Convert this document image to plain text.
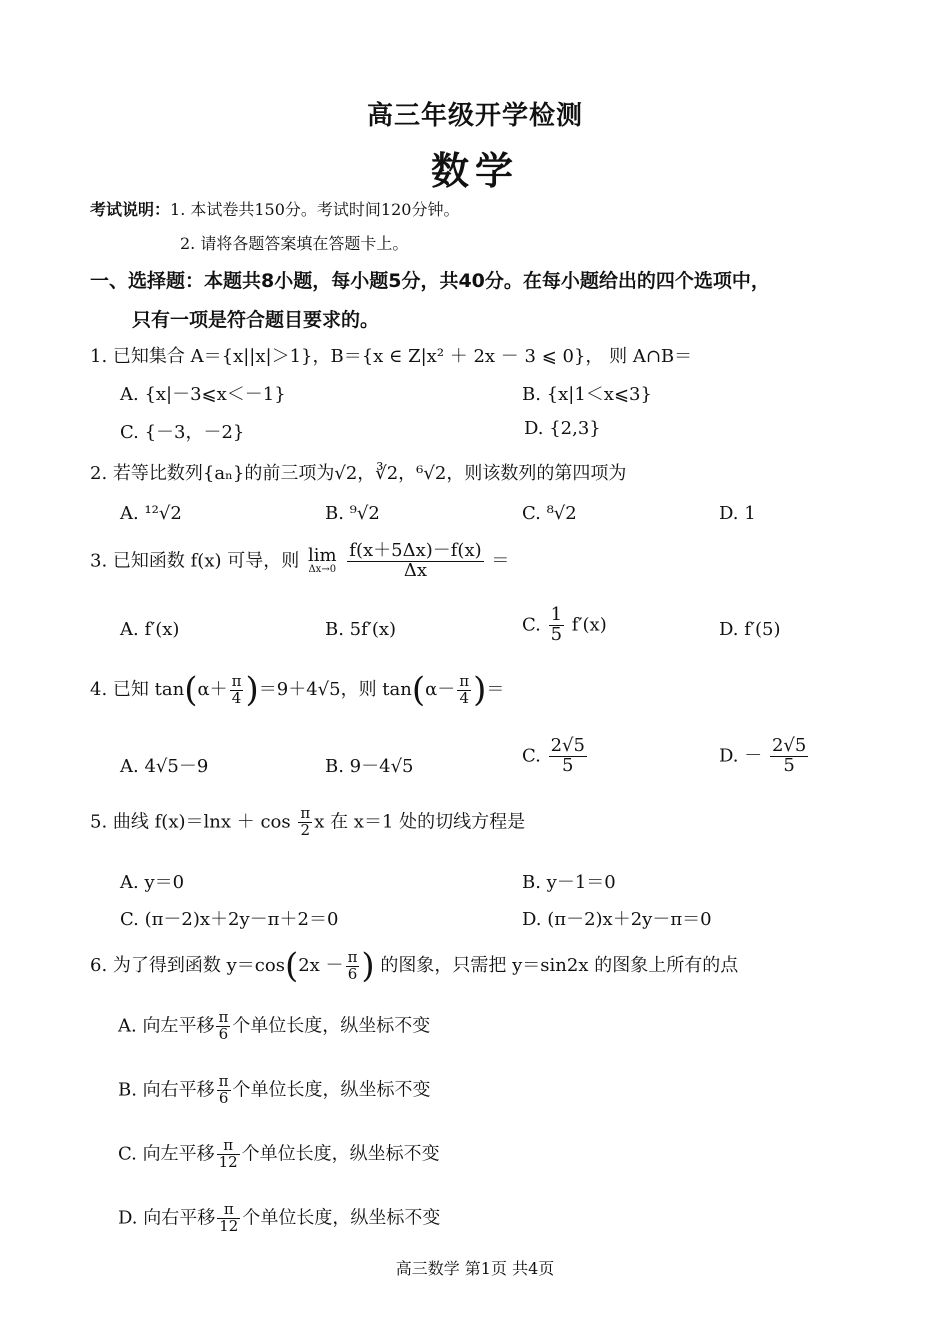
高三年级开学检测
数学
考试说明：1. 本试卷共150分。考试时间120分钟。
2. 请将各题答案填在答题卡上。
一、选择题：本题共8小题，每小题5分，共40分。在每小题给出的四个选项中，
只有一项是符合题目要求的。
1. 已知集合 A＝{x||x|＞1}，B＝{x ∈ Z|x² ＋ 2x － 3 ⩽ 0}， 则 A∩B＝
A. {x|－3⩽x＜－1}	B. {x|1＜x⩽3}
C. {－3，－2}	D. {2,3}
2. 若等比数列{aₙ}的前三项为√2，∛2，⁶√2，则该数列的第四项为
A. ¹²√2	B. ⁹√2	C. ⁸√2	D. 1
3. 已知函数 f(x) 可导，则 lim
Δx→0
$\frac{f(x+5\Delta x)-f(x)}{\Delta x}$ ＝
A. f′(x)	B. 5f′(x)	C. $\frac{1}{5} f'(x)$	D. f′(5)
4. 已知 $\tan(\alpha+ \frac{\pi}{4} )=9+4√5$，则 $\tan(\alpha- \frac{\pi}{4}$ )＝
A. 4√5－9	B. 9－4√5
C. $\frac{2√5}{5}$	D. － $\frac{2√5}{5}$
5. 曲线 $f(x)=\ln x + \cos \frac{\pi}{2}$ x 在 x＝1 处的切线方程是
A. y＝0	B. y－1＝0
C. (π－2)x＋2y－π＋2＝0	D. (π－2)x＋2y－π＝0
6. 为了得到函数 $y=\cos(2x - \frac{\pi}{6}$ ) 的图象，只需把 y＝sin2x 的图象上所有的点
A. 向左平移 $\frac{\pi}{6}$ 个单位长度，纵坐标不变
B. 向右平移 $\frac{\pi}{6}$ 个单位长度，纵坐标不变
C. 向左平移 $\frac{\pi}{12}$ 个单位长度，纵坐标不变
D. 向右平移 $\frac{\pi}{12}$ 个单位长度，纵坐标不变
高三数学 第1页 共4页
